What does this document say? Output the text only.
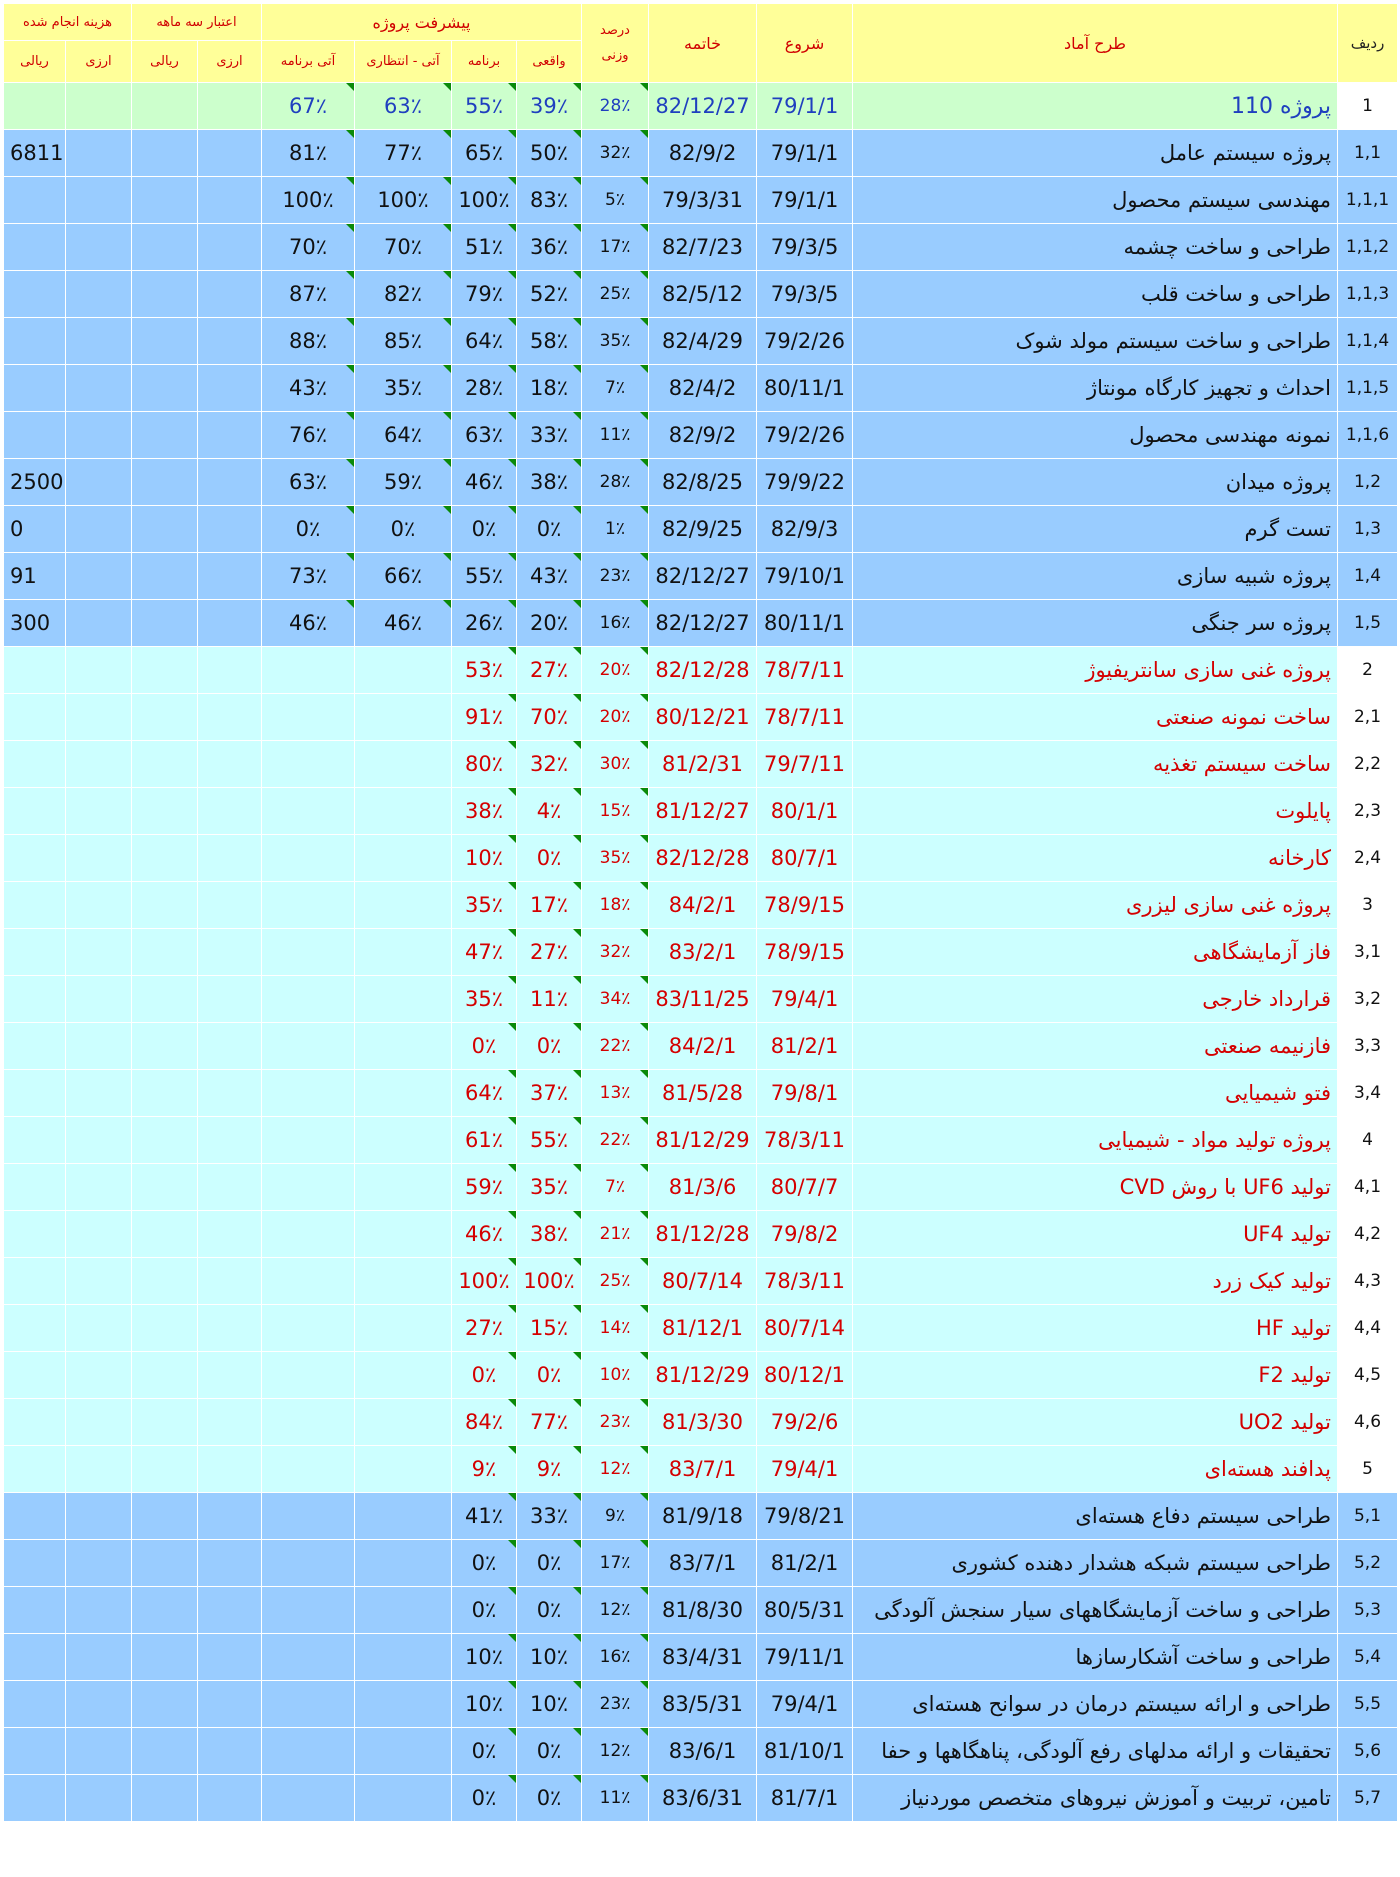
هزینه انجام شده		اعتبار سه ماهه		پیشرفت پروژه				درصد
وزنی	خاتمه	شروع	طرح آماد	ردیف
ریالی	ارزی	ریالی	ارزی	آتی برنامه	آتی - انتظاری	برنامه	واقعی					
				67٪	63٪	55٪	39٪	28٪	82/12/27	79/1/1	پروژه 110	1
6811				81٪	77٪	65٪	50٪	32٪	82/9/2	79/1/1	پروژه سیستم عامل	1,1
				100٪	100٪	100٪	83٪	5٪	79/3/31	79/1/1	مهندسی سیستم محصول	1,1,1
				70٪	70٪	51٪	36٪	17٪	82/7/23	79/3/5	طراحی و ساخت چشمه	1,1,2
				87٪	82٪	79٪	52٪	25٪	82/5/12	79/3/5	طراحی و ساخت قلب	1,1,3
				88٪	85٪	64٪	58٪	35٪	82/4/29	79/2/26	طراحی و ساخت سیستم مولد شوک	1,1,4
				43٪	35٪	28٪	18٪	7٪	82/4/2	80/11/1	احداث و تجهیز کارگاه مونتاژ	1,1,5
				76٪	64٪	63٪	33٪	11٪	82/9/2	79/2/26	نمونه مهندسی محصول	1,1,6
2500				63٪	59٪	46٪	38٪	28٪	82/8/25	79/9/22	پروژه میدان	1,2
0				0٪	0٪	0٪	0٪	1٪	82/9/25	82/9/3	تست گرم	1,3
91				73٪	66٪	55٪	43٪	23٪	82/12/27	79/10/1	پروژه شبیه سازی	1,4
300				46٪	46٪	26٪	20٪	16٪	82/12/27	80/11/1	پروژه سر جنگی	1,5
						53٪	27٪	20٪	82/12/28	78/7/11	پروژه غنی سازی سانتریفیوژ	2
						91٪	70٪	20٪	80/12/21	78/7/11	ساخت نمونه صنعتی	2,1
						80٪	32٪	30٪	81/2/31	79/7/11	ساخت سیستم تغذیه	2,2
						38٪	4٪	15٪	81/12/27	80/1/1	پایلوت	2,3
						10٪	0٪	35٪	82/12/28	80/7/1	کارخانه	2,4
						35٪	17٪	18٪	84/2/1	78/9/15	پروژه غنی سازی لیزری	3
						47٪	27٪	32٪	83/2/1	78/9/15	فاز آزمایشگاهی	3,1
						35٪	11٪	34٪	83/11/25	79/4/1	قرارداد خارجی	3,2
						0٪	0٪	22٪	84/2/1	81/2/1	فازنیمه صنعتی	3,3
						64٪	37٪	13٪	81/5/28	79/8/1	فتو شیمیایی	3,4
						61٪	55٪	22٪	81/12/29	78/3/11	پروژه تولید مواد - شیمیایی	4
						59٪	35٪	7٪	81/3/6	80/7/7	تولید UF6 با روش CVD	4,1
						46٪	38٪	21٪	81/12/28	79/8/2	تولید UF4	4,2
						100٪	100٪	25٪	80/7/14	78/3/11	تولید کیک زرد	4,3
						27٪	15٪	14٪	81/12/1	80/7/14	تولید HF	4,4
						0٪	0٪	10٪	81/12/29	80/12/1	تولید F2	4,5
						84٪	77٪	23٪	81/3/30	79/2/6	تولید UO2	4,6
						9٪	9٪	12٪	83/7/1	79/4/1	پدافند هسته‌ای	5
						41٪	33٪	9٪	81/9/18	79/8/21	طراحی سیستم دفاع هسته‌ای	5,1
						0٪	0٪	17٪	83/7/1	81/2/1	طراحی سیستم شبکه هشدار دهنده کشوری	5,2
						0٪	0٪	12٪	81/8/30	80/5/31	طراحی و ساخت آزمایشگاههای سیار سنجش آلودگی	5,3
						10٪	10٪	16٪	83/4/31	79/11/1	طراحی و ساخت آشکارسازها	5,4
						10٪	10٪	23٪	83/5/31	79/4/1	طراحی و ارائه سیستم درمان در سوانح هسته‌ای	5,5
						0٪	0٪	12٪	83/6/1	81/10/1	تحقیقات و ارائه مدلهای رفع آلودگی، پناهگاهها و حفا	5,6
						0٪	0٪	11٪	83/6/31	81/7/1	تامین، تربیت و آموزش نیروهای متخصص موردنیاز	5,7
